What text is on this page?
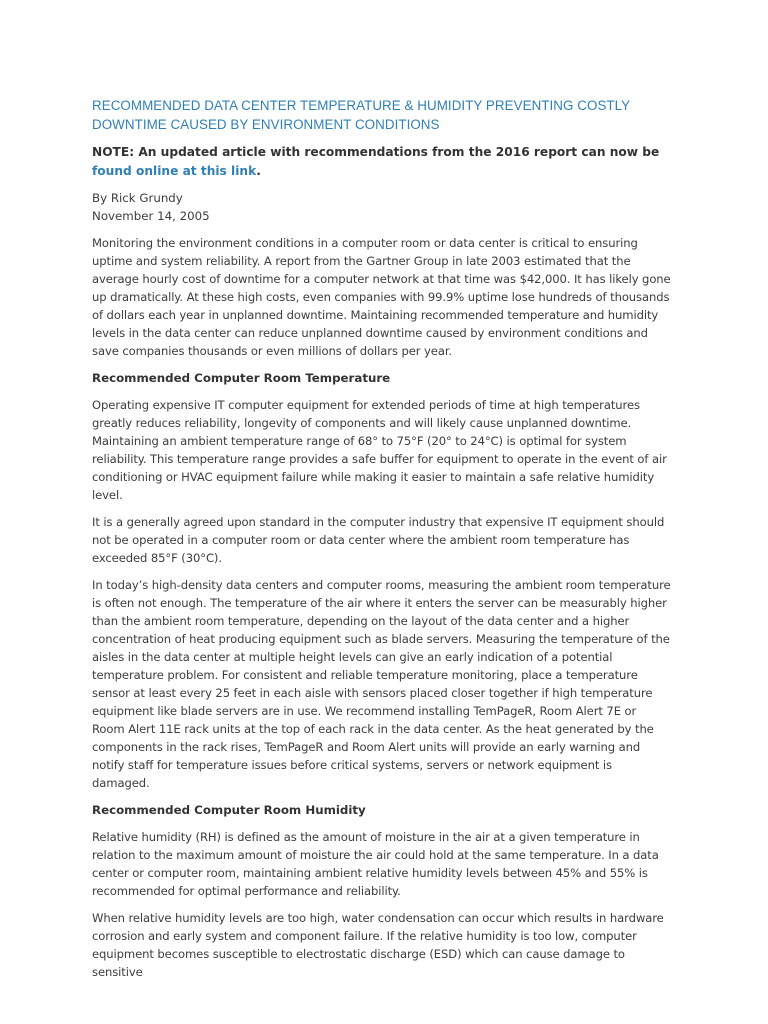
RECOMMENDED DATA CENTER TEMPERATURE & HUMIDITY PREVENTING COSTLY DOWNTIME CAUSED BY ENVIRONMENT CONDITIONS

NOTE: An updated article with recommendations from the 2016 report can now be found online at this link.

By Rick Grundy

November 14, 2005

Monitoring the environment conditions in a computer room or data center is critical to ensuring uptime and system reliability. A report from the Gartner Group in late 2003 estimated that the average hourly cost of downtime for a computer network at that time was $42,000. It has likely gone up dramatically. At these high costs, even companies with 99.9% uptime lose hundreds of thousands of dollars each year in unplanned downtime. Maintaining recommended temperature and humidity levels in the data center can reduce unplanned downtime caused by environment conditions and save companies thousands or even millions of dollars per year.

Recommended Computer Room Temperature

Operating expensive IT computer equipment for extended periods of time at high temperatures greatly reduces reliability, longevity of components and will likely cause unplanned downtime. Maintaining an ambient temperature range of 68° to 75°F (20° to 24°C) is optimal for system reliability. This temperature range provides a safe buffer for equipment to operate in the event of air conditioning or HVAC equipment failure while making it easier to maintain a safe relative humidity level.

It is a generally agreed upon standard in the computer industry that expensive IT equipment should not be operated in a computer room or data center where the ambient room temperature has exceeded 85°F (30°C).

In today’s high-density data centers and computer rooms, measuring the ambient room temperature is often not enough. The temperature of the air where it enters the server can be measurably higher than the ambient room temperature, depending on the layout of the data center and a higher concentration of heat producing equipment such as blade servers. Measuring the temperature of the aisles in the data center at multiple height levels can give an early indication of a potential temperature problem. For consistent and reliable temperature monitoring, place a temperature sensor at least every 25 feet in each aisle with sensors placed closer together if high temperature equipment like blade servers are in use. We recommend installing TemPageR, Room Alert 7E or Room Alert 11E rack units at the top of each rack in the data center. As the heat generated by the components in the rack rises, TemPageR and Room Alert units will provide an early warning and notify staff for temperature issues before critical systems, servers or network equipment is damaged.

Recommended Computer Room Humidity

Relative humidity (RH) is defined as the amount of moisture in the air at a given temperature in relation to the maximum amount of moisture the air could hold at the same temperature. In a data center or computer room, maintaining ambient relative humidity levels between 45% and 55% is recommended for optimal performance and reliability.

When relative humidity levels are too high, water condensation can occur which results in hardware corrosion and early system and component failure. If the relative humidity is too low, computer equipment becomes susceptible to electrostatic discharge (ESD) which can cause damage to sensitive
